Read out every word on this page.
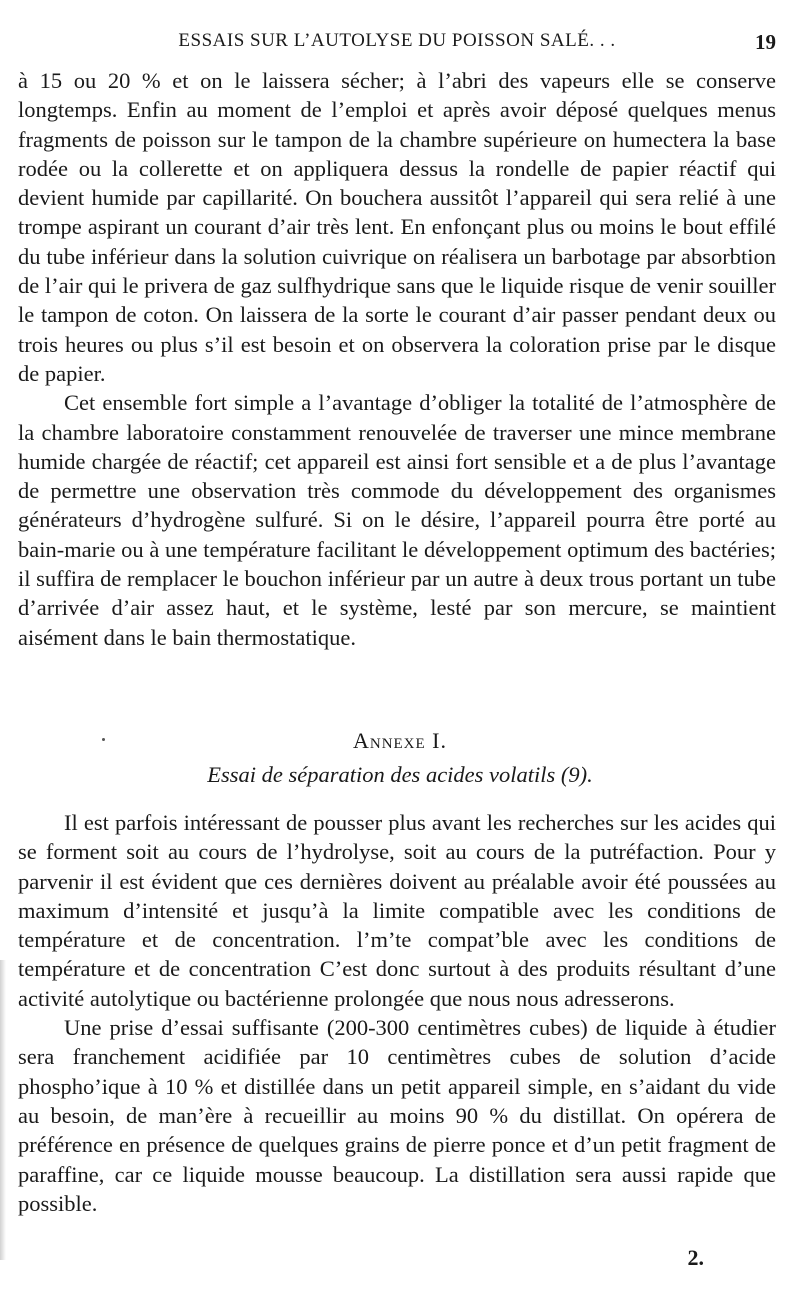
ESSAIS SUR L’AUTOLYSE DU POISSON SALÉ. . .	19

à 15 ou 20 % et on le laissera sécher; à l’abri des vapeurs elle se conserve longtemps. Enfin au moment de l’emploi et après avoir déposé quelques menus fragments de poisson sur le tampon de la chambre supérieure on humectera la base rodée ou la collerette et on appliquera dessus la rondelle de papier réactif qui devient humide par capillarité. On bouchera aussitôt l’appareil qui sera relié à une trompe aspirant un courant d’air très lent. En enfonçant plus ou moins le bout effilé du tube inférieur dans la solution cuivrique on réalisera un barbotage par absorbtion de l’air qui le privera de gaz sulfhydrique sans que le liquide risque de venir souiller le tampon de coton. On laissera de la sorte le courant d’air passer pendant deux ou trois heures ou plus s’il est besoin et on observera la coloration prise par le disque de papier.

Cet ensemble fort simple a l’avantage d’obliger la totalité de l’atmosphère de la chambre laboratoire constamment renouvelée de traverser une mince membrane humide chargée de réactif; cet appareil est ainsi fort sensible et a de plus l’avantage de permettre une observation très commode du développement des organismes générateurs d’hydrogène sulfuré. Si on le désire, l’appareil pourra être porté au bain-marie ou à une température facilitant le développement optimum des bactéries; il suffira de remplacer le bouchon inférieur par un autre à deux trous portant un tube d’arrivée d’air assez haut, et le système, lesté par son mercure, se maintient aisément dans le bain thermostatique.

Annexe I.
Essai de séparation des acides volatils (9).

Il est parfois intéressant de pousser plus avant les recherches sur les acides qui se forment soit au cours de l’hydrolyse, soit au cours de la putréfaction. Pour y parvenir il est évident que ces dernières doivent au préalable avoir été poussées au maximum d’intensité et jusqu’à la limite compatible avec les conditions de température et de concentration. l’m’te compat’ble avec les conditions de température et de concentration C’est donc surtout à des produits résultant d’une activité autolytique ou bactérienne prolongée que nous nous adresserons.

Une prise d’essai suffisante (200-300 centimètres cubes) de liquide à étudier sera franchement acidifiée par 10 centimètres cubes de solution d’acide phospho’ique à 10 % et distillée dans un petit appareil simple, en s’aidant du vide au besoin, de man’ère à recueillir au moins 90 % du distillat. On opérera de préférence en présence de quelques grains de pierre ponce et d’un petit fragment de paraffine, car ce liquide mousse beaucoup. La distillation sera aussi rapide que possible.

2.
